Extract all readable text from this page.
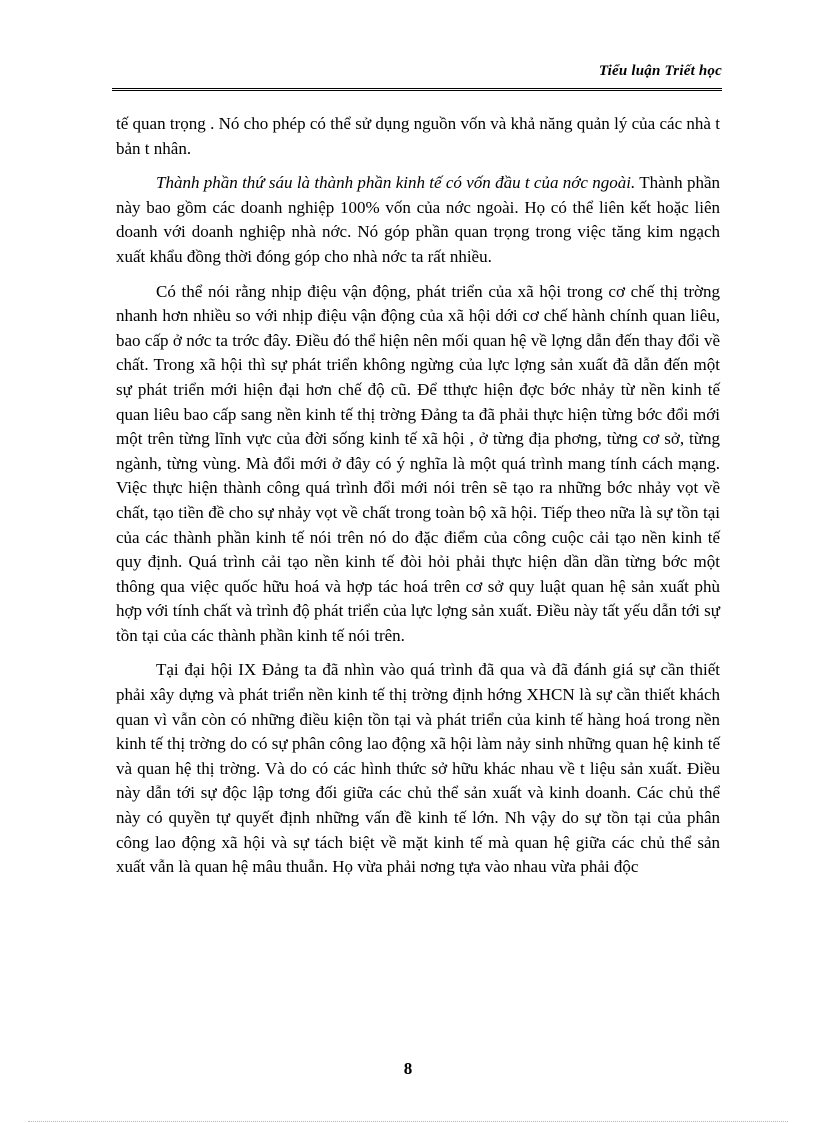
Tiểu luận Triết học

tế quan trọng . Nó cho phép có thể sử dụng nguồn vốn và khả năng quản lý của các nhà t bản t nhân.

Thành phần thứ sáu là thành phần kinh tế có vốn đầu t của nớc ngoài. Thành phần này bao gồm các doanh nghiệp 100% vốn của nớc ngoài. Họ có thể liên kết hoặc liên doanh với doanh nghiệp nhà nớc. Nó góp phần quan trọng trong việc tăng kim ngạch xuất khẩu đồng thời đóng góp cho nhà nớc ta rất nhiều.

Có thể nói rằng nhịp điệu vận động, phát triển của xã hội trong cơ chế thị trờng nhanh hơn nhiều so với nhịp điệu vận động của xã hội dới cơ chế hành chính quan liêu, bao cấp ở nớc ta trớc đây. Điều đó thể hiện nên mối quan hệ về lợng dẫn đến thay đổi về chất. Trong xã hội thì sự phát triển không ngừng của lực lợng sản xuất đã dẫn đến một sự phát triển mới hiện đại hơn chế độ cũ. Để tthực hiện đợc bớc nhảy từ nền kinh tế quan liêu bao cấp sang nền kinh tế thị trờng Đảng ta đã phải thực hiện từng bớc đổi mới một trên từng lĩnh vực của đời sống kinh tế xã hội , ở từng địa phơng, từng cơ sở, từng ngành, từng vùng. Mà đổi mới ở đây có ý nghĩa là một quá trình mang tính cách mạng. Việc thực hiện thành công quá trình đổi mới nói trên sẽ tạo ra những bớc nhảy vọt về chất, tạo tiền đề cho sự nhảy vọt về chất trong toàn bộ xã hội. Tiếp theo nữa là sự tồn tại của các thành phần kinh tế nói trên nó do đặc điểm của công cuộc cải tạo nền kinh tế quy định. Quá trình cải tạo nền kinh tế đòi hỏi phải thực hiện dần dần từng bớc một thông qua việc quốc hữu hoá và hợp tác hoá trên cơ sở quy luật quan hệ sản xuất phù hợp với tính chất và trình độ phát triển của lực lợng sản xuất. Điều này tất yếu dẫn tới sự tồn tại của các thành phần kinh tế nói trên.

Tại đại hội IX Đảng ta đã nhìn vào quá trình đã qua và đã đánh giá sự cần thiết phải xây dựng và phát triển nền kinh tế thị trờng định hớng XHCN là sự cần thiết khách quan vì vẫn còn có những điều kiện tồn tại và phát triển của kinh tế hàng hoá trong nền kinh tế thị trờng do có sự phân công lao động xã hội làm nảy sinh những quan hệ kinh tế và quan hệ thị trờng. Và do có các hình thức sở hữu khác nhau về t liệu sản xuất. Điều này dẫn tới sự độc lập tơng đối giữa các chủ thể sản xuất và kinh doanh. Các chủ thể này có quyền tự quyết định những vấn đề kinh tế lớn. Nh vậy do sự tồn tại của phân công lao động xã hội và sự tách biệt về mặt kinh tế mà quan hệ giữa các chủ thể sản xuất vẫn là quan hệ mâu thuẫn. Họ vừa phải nơng tựa vào nhau vừa phải độc

8
